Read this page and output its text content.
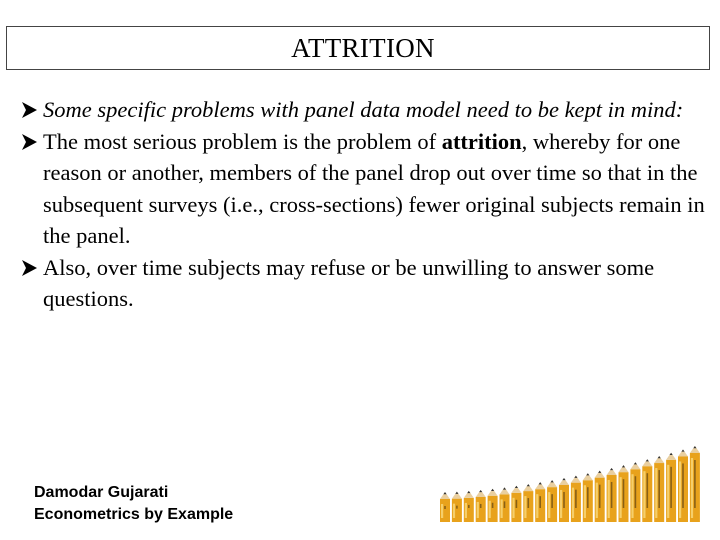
ATTRITION

Some specific problems with panel data model need to be kept in mind:

The most serious problem is the problem of attrition, whereby for one reason or another, members of the panel drop out over time so that in the subsequent surveys (i.e., cross-sections) fewer original subjects remain in the panel.

Also, over time subjects may refuse or be unwilling to answer some questions.

Damodar Gujarati
Econometrics by Example
